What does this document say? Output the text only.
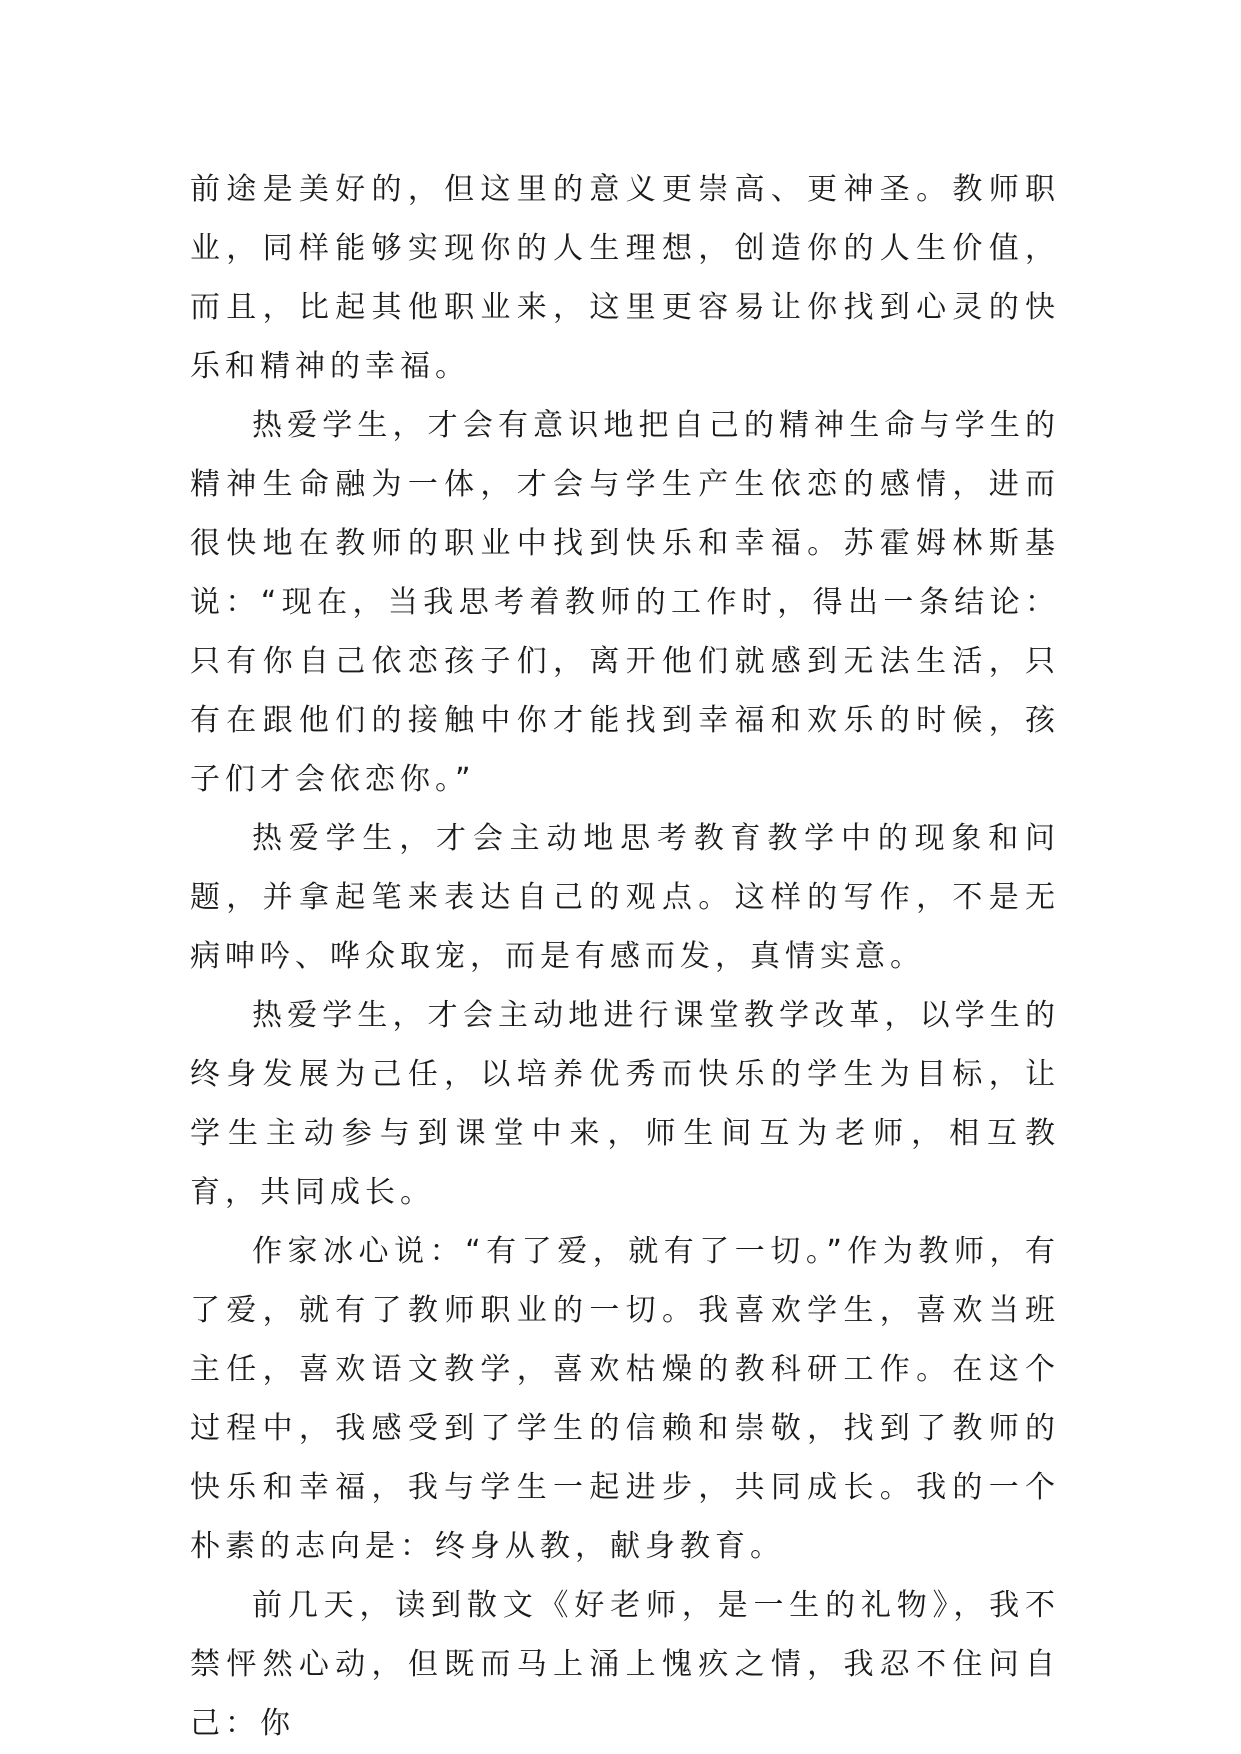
前途是美好的，但这里的意义更崇高、更神圣。教师职业，同样能够实现你的人生理想，创造你的人生价值，而且，比起其他职业来，这里更容易让你找到心灵的快乐和精神的幸福。

热爱学生，才会有意识地把自己的精神生命与学生的精神生命融为一体，才会与学生产生依恋的感情，进而很快地在教师的职业中找到快乐和幸福。苏霍姆林斯基说：“现在，当我思考着教师的工作时，得出一条结论：只有你自己依恋孩子们，离开他们就感到无法生活，只有在跟他们的接触中你才能找到幸福和欢乐的时候，孩子们才会依恋你。”

热爱学生，才会主动地思考教育教学中的现象和问题，并拿起笔来表达自己的观点。这样的写作，不是无病呻吟、哗众取宠，而是有感而发，真情实意。

热爱学生，才会主动地进行课堂教学改革，以学生的终身发展为己任，以培养优秀而快乐的学生为目标，让学生主动参与到课堂中来，师生间互为老师，相互教育，共同成长。

作家冰心说：“有了爱，就有了一切。”作为教师，有了爱，就有了教师职业的一切。我喜欢学生，喜欢当班主任，喜欢语文教学，喜欢枯燥的教科研工作。在这个过程中，我感受到了学生的信赖和崇敬，找到了教师的快乐和幸福，我与学生一起进步，共同成长。我的一个朴素的志向是：终身从教，献身教育。

前几天，读到散文《好老师，是一生的礼物》，我不禁怦然心动，但既而马上涌上愧疚之情，我忍不住问自己：你
